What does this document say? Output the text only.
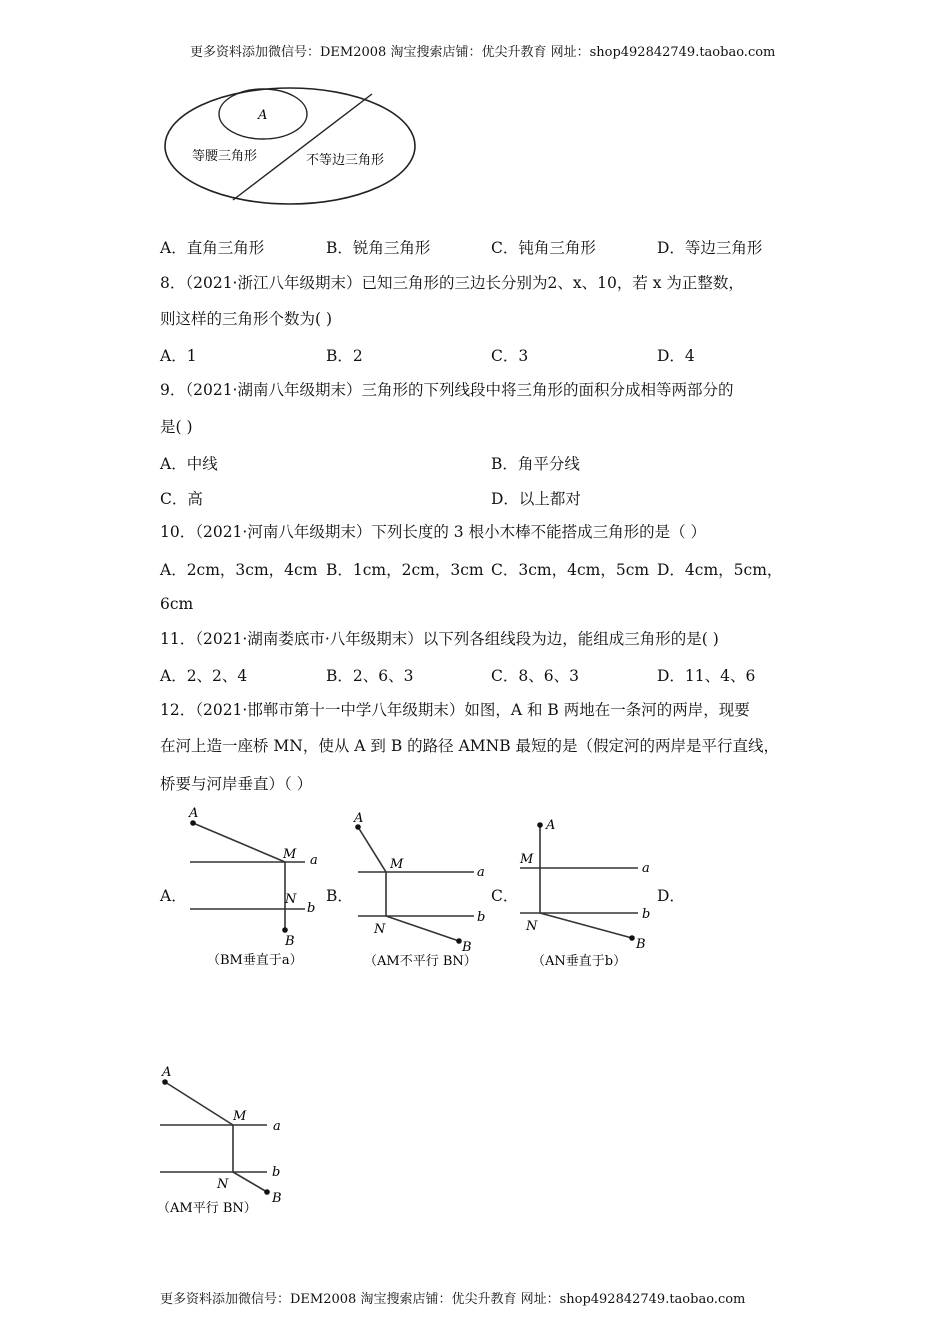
更多资料添加微信号：DEM2008 淘宝搜索店铺：优尖升教育 网址：shop492842749.taobao.com
A
等腰三角形	不等边三角形
A．直角三角形	B．锐角三角形	C．钝角三角形	D．等边三角形
8．（2021·浙江八年级期末）已知三角形的三边长分别为2、x、10，若 x 为正整数，
则这样的三角形个数为( )
A．1	B．2	C．3	D．4
9．（2021·湖南八年级期末）三角形的下列线段中将三角形的面积分成相等两部分的
是( )
A．中线	B．角平分线
C．高	D．以上都对
10．（2021·河南八年级期末）下列长度的 3 根小木棒不能搭成三角形的是（ ）
A．2cm，3cm，4cm B．1cm，2cm，3cm C．3cm，4cm，5cm D．4cm，5cm，
6cm
11．（2021·湖南娄底市·八年级期末）以下列各组线段为边，能组成三角形的是( )
A．2、2、4	B．2、6、3	C．8、6、3	D．11、4、6
12．（2021·邯郸市第十一中学八年级期末）如图，A 和 B 两地在一条河的两岸，现要
在河上造一座桥 MN，使从 A 到 B 的路径 AMNB 最短的是（假定河的两岸是平行直线，
桥要与河岸垂直）（ ）
A．	B．	C．	D．
A
M a
N
b
B
（BM垂直于a）
A
M
a
N
b
B
（AM不平行 BN）
A
M
a
N
b
B
（AN垂直于b）
A
M
a
N
b
B
（AM平行 BN）
更多资料添加微信号：DEM2008 淘宝搜索店铺：优尖升教育 网址：shop492842749.taobao.com
